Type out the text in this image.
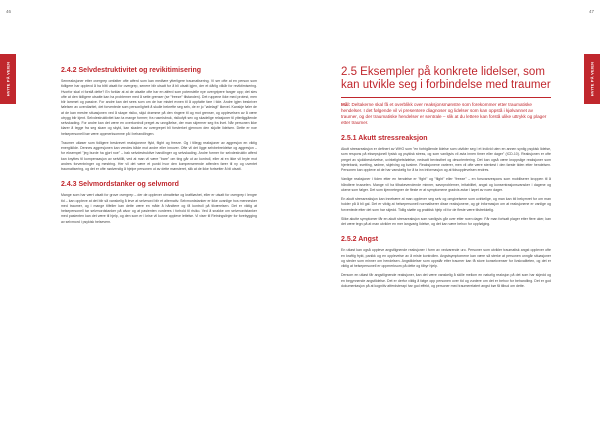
46
HVITE PÅ VEIEN	2.4.2 Selvdestruktivitet og revikitimisering

Senreaksjoner etter overgrep omfatter ofte atferd som kan medføre ytterligere traumatisering. Vi ser ofte at en person som tidligere har opplevd å ha blitt utsatt for overgrep, senere blir utsatt for å bli utsatt igjen, der et dårlig vilkår for reviktimisering. Hvorfor skal vi forstå dette? En forklar at at de utsatte ofte har en atferd som potensielle nye overgripere fanger opp; det sies ofte at den tidligere utsatte kan ha problemer med å sette grenser (se "freeze" tilstanden). Det ruppene ikke med protest, men blir lammet og passive. For andre kan det sees som om de har mistet evnen til å oppfatte fare i tide. Andre igjen beskriver følelsen av uverdiaritet, det forventede som personligheit å skulle bekrefte seg selv, de er jo "ødelagt" likevel. Kanskje føler de at de kan mestre situasjonen ved å skape risiko, skjul drømme på den ringere til og mot grenser, og opplevelsen av å være utrygg blir kjent. Selvdestruktivitet kan ta mange former; fra rusmisbruk, risikofylt sex og skadelige relasjoner til ytterliggående selvskading. For andre kan det være en overkontroll preget av unngåelse, der man skjermer seg fra livet. Når personen ikke klarer å legge fra seg skam og skyld, kan skaden av overgrepet bli forsterket gjennom den skjulte lidelsen. Dette er noe helsepersonell bør være oppmerksomme på i behandlingen.

Traumer utløser som tidligere beskrevet reaksjonene flykt, flight og freeze. Og i tillegg reaksjoner av aggresjon en viktig energikilde. Dennes aggresjonen kan vendes både mot andre eller innover. Ofte vil det ligge selvbebreidelse og aggresjon – for eksempel "jeg burde ha gjort noe" – bak selvdestruktive handlinger og selvskading. Andre former for selvdestruktiv atferd kan knyttes til kompensasjon av selvtillit, ved at man vil være "bare" om ting går ut av kontroll, eller at en ikke vil bryte mot andres forventninger og mestring. Her vil det være et punkt hvor den kompenserende atferden fører til ny og uventet traumatisering, og det er ofte nødvendig å hjelpe personen ut av dette mønsteret, slik at de ikke fortsetter å bli utsatt.

2.4.3 Selvmordstanker og selvmord

Mange som har vært utsatt for grove overgrep – der de opplever utmattelse og kraftløshet, eller er utsatt for overgrep i lengre tid – kan oppleve at det blir så vanskelig å leve at selvmord blir et alternativ. Selvmordstanker er ikke uvanlige hos mennesker med traumer, og i mange tilfeller kan dette være en måte å håndtere og få kontroll på tilværelsen. Det er viktig at helsepersonell tar selvmordstanker på alvor og at pasienten vurderes i forhold til risiko. Ved å snakke om selvmordstanker med pasienten kan det være til hjelp, og den som er i krise vil kunne oppleve lettelse. Vi viser til Retningslinjer for forebygging av selvmord i psykisk helsevern.

47
HVITE PÅ VEIEN
2.5 Eksempler på konkrete lidelser, som kan utvikle seg i forbindelse med traumer
Mål: Deltakerne skal få et overblikk over reaksjonsmønstre som forekommer etter traumatiske hendelser. I det følgende vil vi presentere diagnoser og lidelser som kan oppstå i kjølvannet av traumer, og der traumatiske hendelser er sentrale – slik at du lettere kan forstå ulike uttrykk og plager etter traumer.
2.5.1 Akutt stressreaksjon

Akutt stressreaksjon er definert av WHO som "en forbigående lidelse som utvikler seg i et individ uten en annen synlig psykisk lidelse, som respons på eksepsjonell fysisk og psykisk stress, og som vanligvis vil avta innen timer eller dager" (ICD-10). Reaksjonen er ofte preget av sjokkbeskrivelse, uvirkelighetsfølelse, nedsatt bevissthet og desorientering. Det kan også være kroppslige reaksjoner som hjertebank, svetting, rødme, skjelving og kvalme. Reaksjonene varierer, men vil ofte være sterkest i den første tiden etter hendelsen. Personen kan oppleve at de har vanskelig for å ta inn informasjon og at tidsopplevelsen endres.

Vanlige reaksjoner i tiden etter en hendelse er "fight" og "flight" eller "freeze" – en forsvarsrespons som mobiliserer kroppen til å håndtere trusselen. Mange vil ha tilbakevendende minner, søvnproblemer, irritabilitet, angst og konsentrasjonsvansker i dagene og ukene som følger. Det som kjennetegner de fleste er at symptomene gradvis avtar i løpet av noen dager.

En akutt stressreaksjon kan innebære at man opplever seg selv og omgivelsene som uvirkelige, og man kan bli bekymret for om man holder på å bli gal. Det er viktig at helsepersonell normaliserer disse reaksjonene, og gir informasjon om at reaksjonene er vanlige og forventede etter det som har skjedd. Tidlig støtte og praktisk hjelp vil for de fleste være tilstrekkelig.

Slike akutte symptomer får en akutt stressreaksjon som vanligvis går over etter noen dager. Får man fortsatt plager etter flere uker, kan det være tegn på at man utvikler en mer langvarig lidelse, og det kan være behov for oppfølging.

2.5.2 Angst

En utløst kan også oppleve angstlignende reaksjoner i form av vedvarende uro. Personer som utvikler traumatisk angst opplever ofte en kraftig frykt, panikk og en opplevelse av å miste kontrollen. Angstsymptomene kan være så sterke at personen unngår situasjoner og steder som minner om hendelsen. Angstlidelser som oppstår etter traumer kan få store konsekvenser for livskvaliteten, og det er viktig at helsepersonell er oppmerksom på dette og tilbyr hjelp.

Dersom en utløst får angstlignende reaksjoner, kan det være vanskelig å skille mellom en naturlig reaksjon på det som har skjedd og en begynnende angstlidelse. Det er derfor viktig å følge opp personen over tid og vurdere om det er behov for behandling. Det er god dokumentasjon på at kognitiv atferdsterapi har god effekt, og personer med traumerelatert angst bør få tilbud om dette.
